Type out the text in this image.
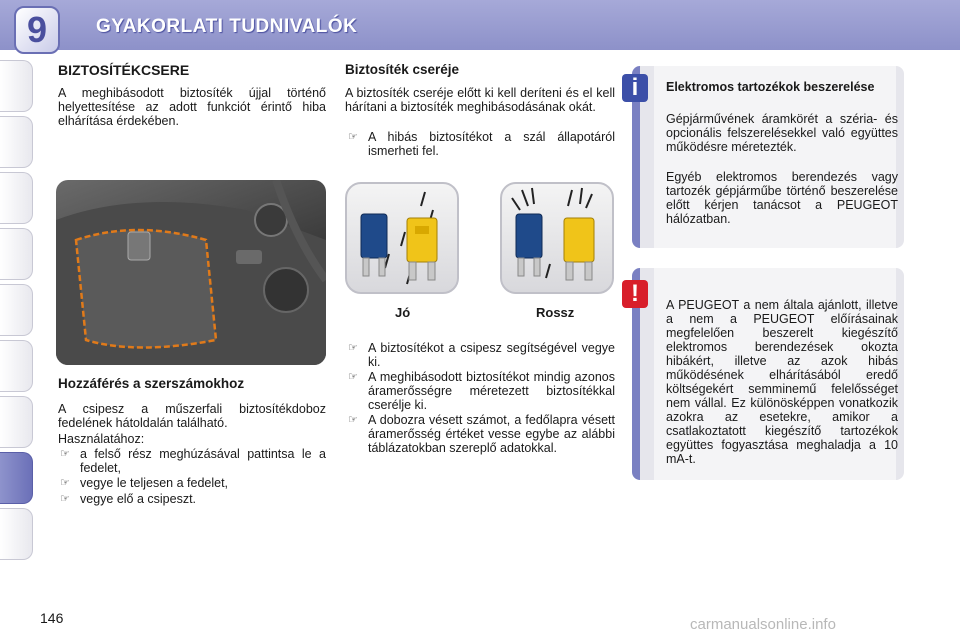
9	GYAKORLATI TUDNIVALÓK
BIZTOSÍTÉKCSERE

A meghibásodott biztosíték újjal történő helyettesítése az adott funkciót érintő hiba elhárítása érdekében.

Hozzáférés a szerszámokhoz

A csipesz a műszerfali biztosítékdoboz fedelének hátoldalán található.

Használatához:

☞ a felső rész meghúzásával pattintsa le a fedelet,
☞ vegye le teljesen a fedelet,
☞ vegye elő a csipeszt.
Biztosíték cseréje

A biztosíték cseréje előtt ki kell deríteni és el kell hárítani a biztosíték meghibásodásának okát.

☞ A hibás biztosítékot a szál állapotáról ismerheti fel.
Jó	Rossz
☞ A biztosítékot a csipesz segítségével vegye ki.
☞ A meghibásodott biztosítékot mindig azonos áramerősségre méretezett biztosítékkal cserélje ki.
☞ A dobozra vésett számot, a fedőlapra vésett áramerősség értéket vesse egybe az alábbi táblázatokban szereplő adatokkal.
Elektromos tartozékok beszerelése
Gépjárművének áramkörét a széria- és opcionális felszerelésekkel való együttes működésre méretezték.
Egyéb elektromos berendezés vagy tartozék gépjárműbe történő beszerelése előtt kérjen tanácsot a PEUGEOT hálózatban.
i
A PEUGEOT a nem általa ajánlott, illetve a nem a PEUGEOT előírásainak megfelelően beszerelt kiegészítő elektromos berendezések okozta hibákért, illetve az azok hibás működésének elhárításából eredő költségekért semminemű felelősséget nem vállal. Ez különösképpen vonatkozik azokra az esetekre, amikor a csatlakoztatott kiegészítő tartozékok együttes fogyasztása meghaladja a 10 mA-t.
!
146	carmanualsonline.info
